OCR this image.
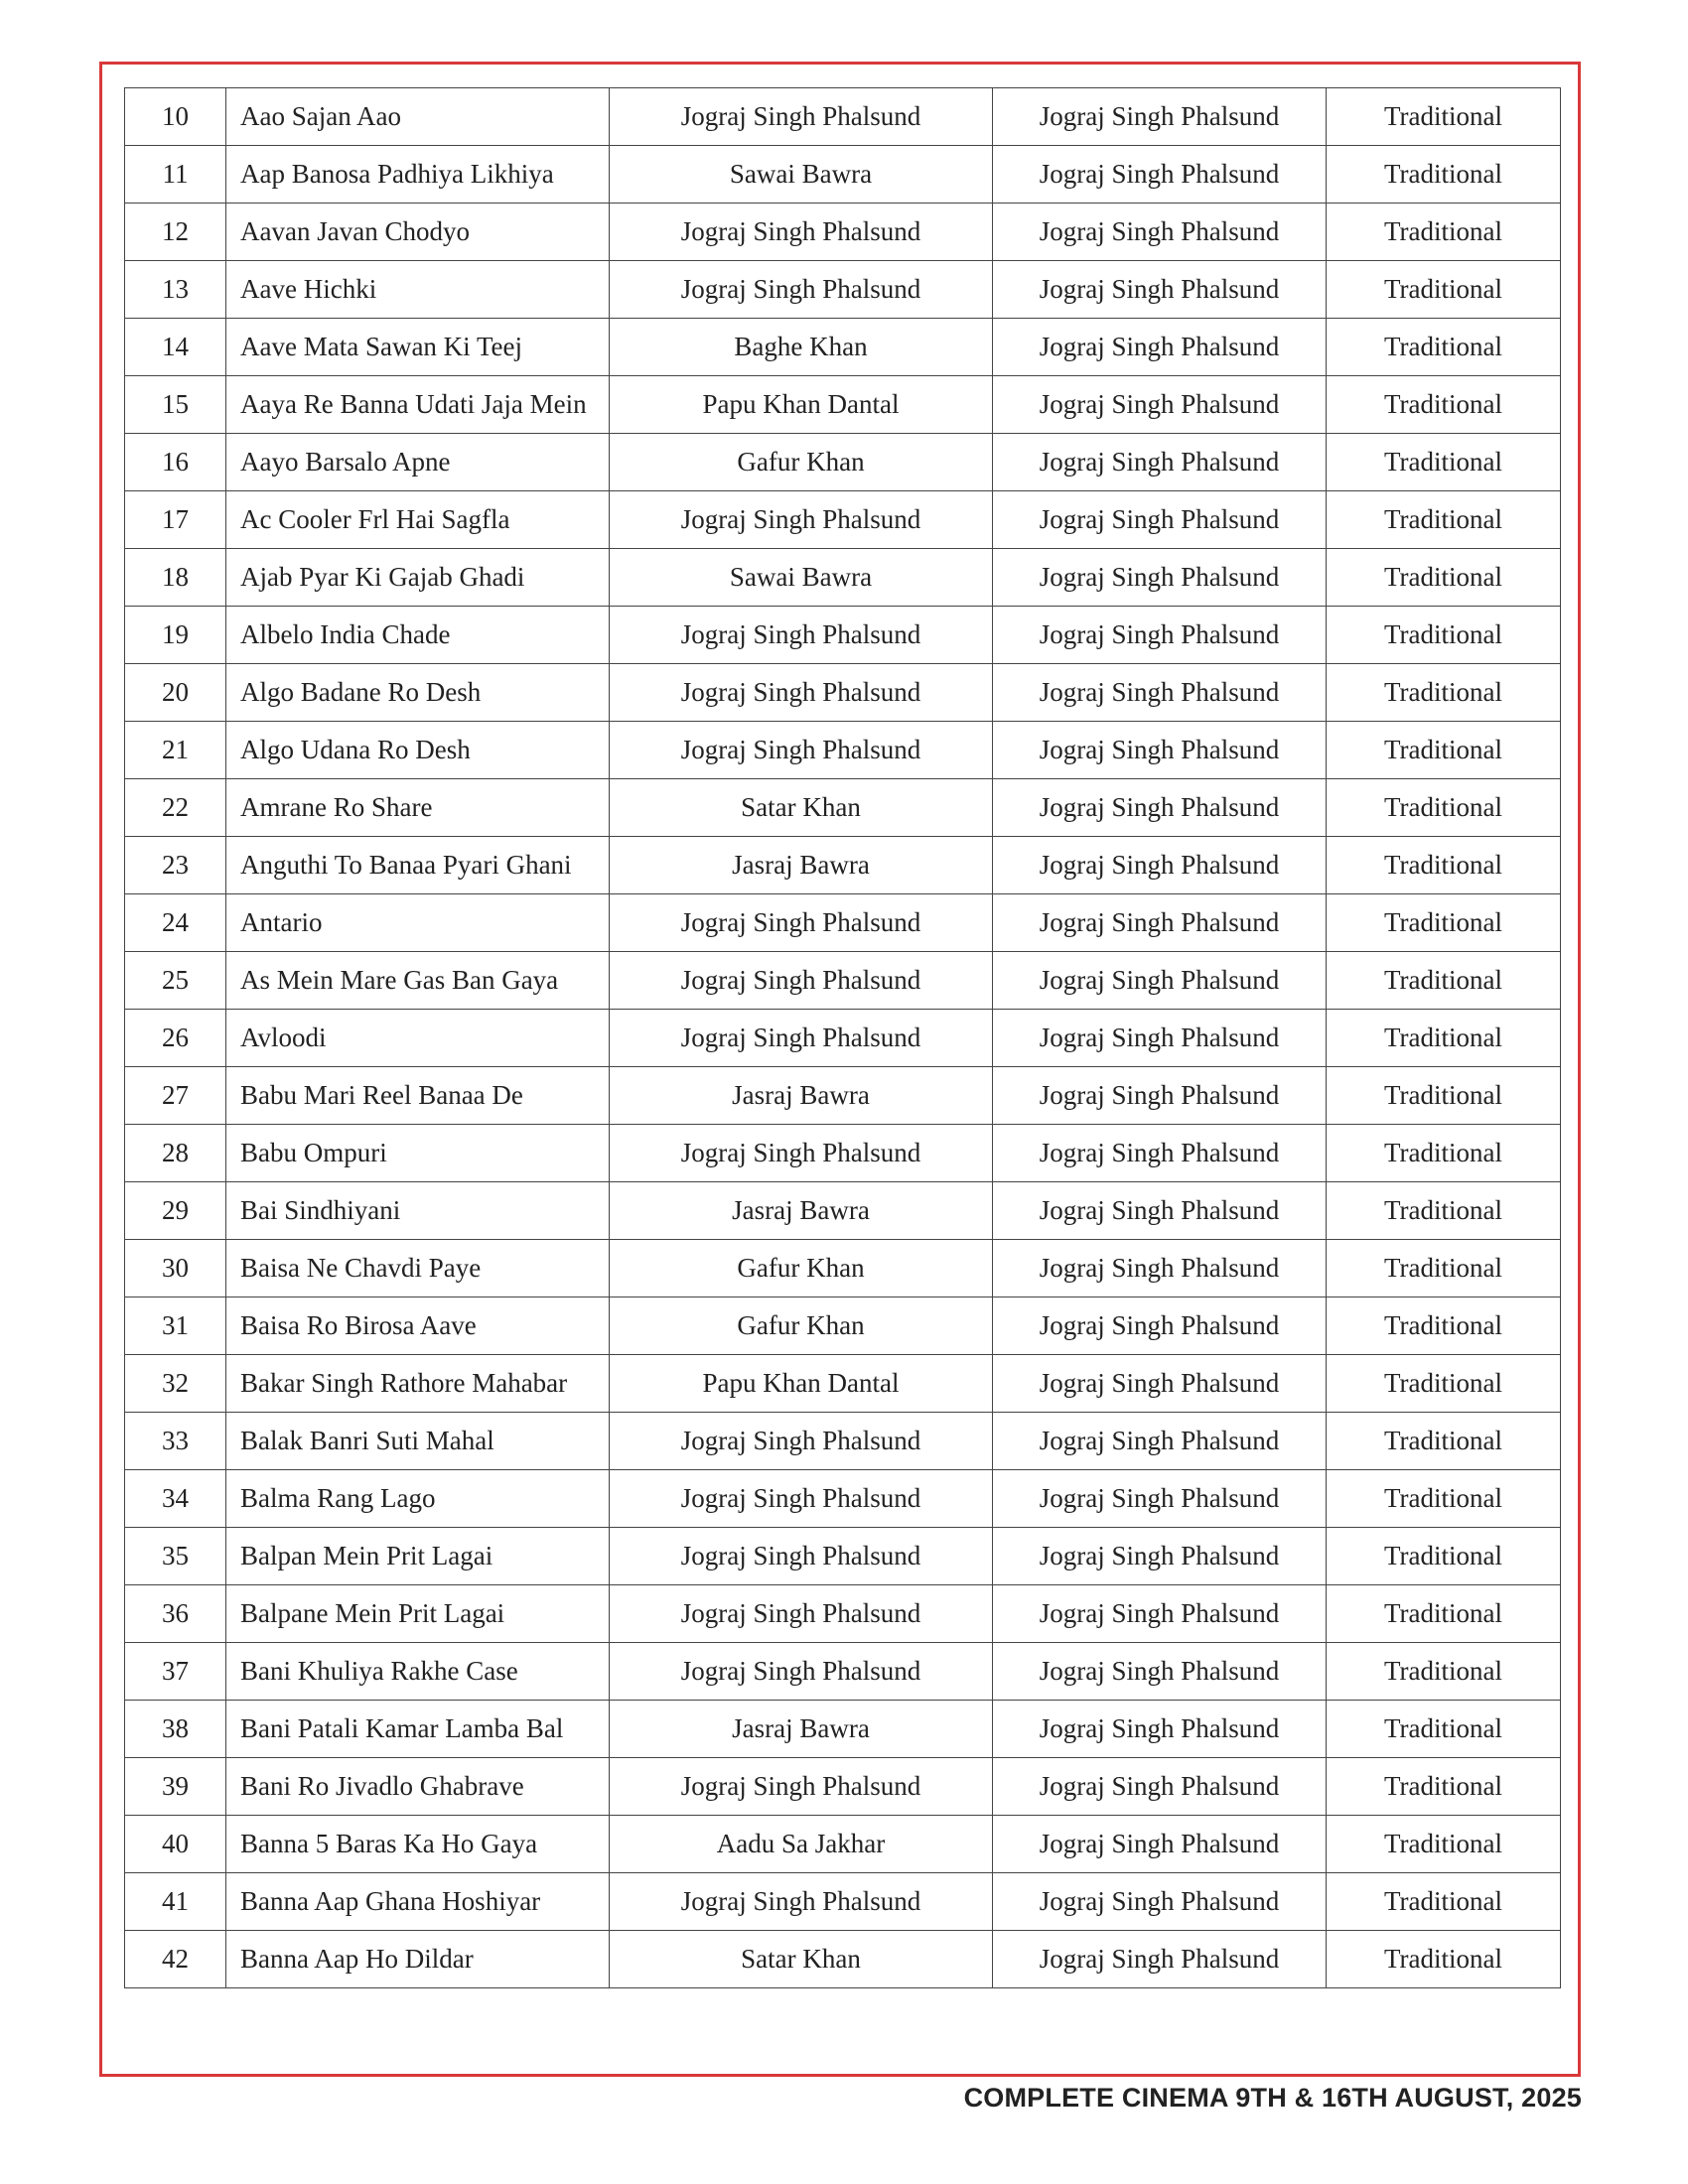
10	Aao Sajan Aao	Jograj Singh Phalsund	Jograj Singh Phalsund	Traditional
11	Aap Banosa Padhiya Likhiya	Sawai Bawra	Jograj Singh Phalsund	Traditional
12	Aavan Javan Chodyo	Jograj Singh Phalsund	Jograj Singh Phalsund	Traditional
13	Aave Hichki	Jograj Singh Phalsund	Jograj Singh Phalsund	Traditional
14	Aave Mata Sawan Ki Teej	Baghe Khan	Jograj Singh Phalsund	Traditional
15	Aaya Re Banna Udati Jaja Mein	Papu Khan Dantal	Jograj Singh Phalsund	Traditional
16	Aayo Barsalo Apne	Gafur Khan	Jograj Singh Phalsund	Traditional
17	Ac Cooler Frl Hai Sagfla	Jograj Singh Phalsund	Jograj Singh Phalsund	Traditional
18	Ajab Pyar Ki Gajab Ghadi	Sawai Bawra	Jograj Singh Phalsund	Traditional
19	Albelo India Chade	Jograj Singh Phalsund	Jograj Singh Phalsund	Traditional
20	Algo Badane Ro Desh	Jograj Singh Phalsund	Jograj Singh Phalsund	Traditional
21	Algo Udana Ro Desh	Jograj Singh Phalsund	Jograj Singh Phalsund	Traditional
22	Amrane Ro Share	Satar Khan	Jograj Singh Phalsund	Traditional
23	Anguthi To Banaa Pyari Ghani	Jasraj Bawra	Jograj Singh Phalsund	Traditional
24	Antario	Jograj Singh Phalsund	Jograj Singh Phalsund	Traditional
25	As Mein Mare Gas Ban Gaya	Jograj Singh Phalsund	Jograj Singh Phalsund	Traditional
26	Avloodi	Jograj Singh Phalsund	Jograj Singh Phalsund	Traditional
27	Babu Mari Reel Banaa De	Jasraj Bawra	Jograj Singh Phalsund	Traditional
28	Babu Ompuri	Jograj Singh Phalsund	Jograj Singh Phalsund	Traditional
29	Bai Sindhiyani	Jasraj Bawra	Jograj Singh Phalsund	Traditional
30	Baisa Ne Chavdi Paye	Gafur Khan	Jograj Singh Phalsund	Traditional
31	Baisa Ro Birosa Aave	Gafur Khan	Jograj Singh Phalsund	Traditional
32	Bakar Singh Rathore Mahabar	Papu Khan Dantal	Jograj Singh Phalsund	Traditional
33	Balak Banri Suti Mahal	Jograj Singh Phalsund	Jograj Singh Phalsund	Traditional
34	Balma Rang Lago	Jograj Singh Phalsund	Jograj Singh Phalsund	Traditional
35	Balpan Mein Prit Lagai	Jograj Singh Phalsund	Jograj Singh Phalsund	Traditional
36	Balpane Mein Prit Lagai	Jograj Singh Phalsund	Jograj Singh Phalsund	Traditional
37	Bani Khuliya Rakhe Case	Jograj Singh Phalsund	Jograj Singh Phalsund	Traditional
38	Bani Patali Kamar Lamba Bal	Jasraj Bawra	Jograj Singh Phalsund	Traditional
39	Bani Ro Jivadlo Ghabrave	Jograj Singh Phalsund	Jograj Singh Phalsund	Traditional
40	Banna 5 Baras Ka Ho Gaya	Aadu Sa Jakhar	Jograj Singh Phalsund	Traditional
41	Banna Aap Ghana Hoshiyar	Jograj Singh Phalsund	Jograj Singh Phalsund	Traditional
42	Banna Aap Ho Dildar	Satar Khan	Jograj Singh Phalsund	Traditional
COMPLETE CINEMA 9TH & 16TH AUGUST, 2025
